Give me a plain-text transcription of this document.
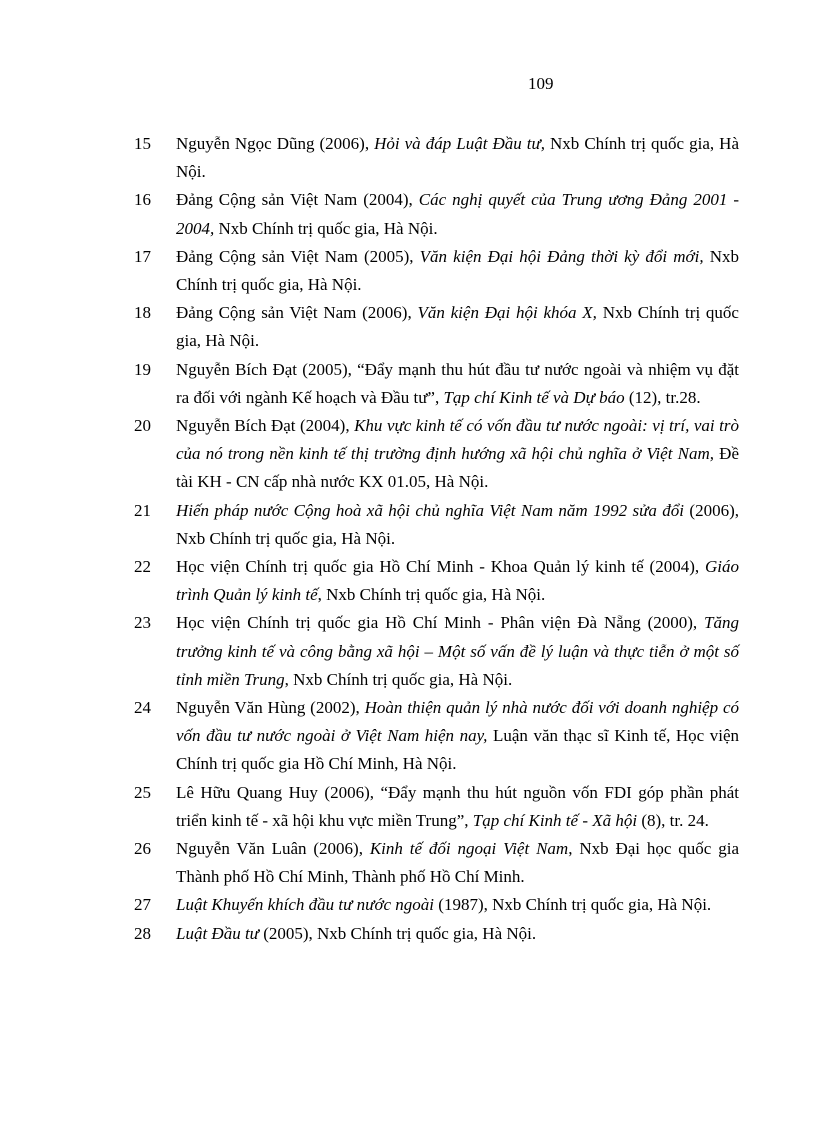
109
15	Nguyễn Ngọc Dũng (2006), Hỏi và đáp Luật Đầu tư, Nxb Chính trị quốc gia, Hà Nội.
16	Đảng Cộng sản Việt Nam (2004), Các nghị quyết của Trung ương Đảng 2001 - 2004, Nxb Chính trị quốc gia, Hà Nội.
17	Đảng Cộng sản Việt Nam (2005), Văn kiện Đại hội Đảng thời kỳ đổi mới, Nxb Chính trị quốc gia, Hà Nội.
18	Đảng Cộng sản Việt Nam (2006), Văn kiện Đại hội khóa X, Nxb Chính trị quốc gia, Hà Nội.
19	Nguyễn Bích Đạt (2005), “Đẩy mạnh thu hút đầu tư nước ngoài và nhiệm vụ đặt ra đối với ngành Kế hoạch và Đầu tư”, Tạp chí Kinh tế và Dự báo (12), tr.28.
20	Nguyễn Bích Đạt (2004), Khu vực kinh tế có vốn đầu tư nước ngoài: vị trí, vai trò của nó trong nền kinh tế thị trường định hướng xã hội chủ nghĩa ở Việt Nam, Đề tài KH - CN cấp nhà nước KX 01.05, Hà Nội.
21	Hiến pháp nước Cộng hoà xã hội chủ nghĩa Việt Nam năm 1992 sửa đổi (2006), Nxb Chính trị quốc gia, Hà Nội.
22	Học viện Chính trị quốc gia Hồ Chí Minh - Khoa Quản lý kinh tế (2004), Giáo trình Quản lý kinh tế, Nxb Chính trị quốc gia, Hà Nội.
23	Học viện Chính trị quốc gia Hồ Chí Minh - Phân viện Đà Nẵng (2000), Tăng trưởng kinh tế và công bằng xã hội – Một số vấn đề lý luận và thực tiễn ở một số tỉnh miền Trung, Nxb Chính trị quốc gia, Hà Nội.
24	Nguyễn Văn Hùng (2002), Hoàn thiện quản lý nhà nước đối với doanh nghiệp có vốn đầu tư nước ngoài ở Việt Nam hiện nay, Luận văn thạc sĩ Kinh tế, Học viện Chính trị quốc gia Hồ Chí Minh, Hà Nội.
25	Lê Hữu Quang Huy (2006), “Đẩy mạnh thu hút nguồn vốn FDI góp phần phát triển kinh tế - xã hội khu vực miền Trung”, Tạp chí Kinh tế - Xã hội (8), tr. 24.
26	Nguyễn Văn Luân (2006), Kinh tế đối ngoại Việt Nam, Nxb Đại học quốc gia Thành phố Hồ Chí Minh, Thành phố Hồ Chí Minh.
27	Luật Khuyến khích đầu tư nước ngoài (1987), Nxb Chính trị quốc gia, Hà Nội.
28	Luật Đầu tư (2005), Nxb Chính trị quốc gia, Hà Nội.
